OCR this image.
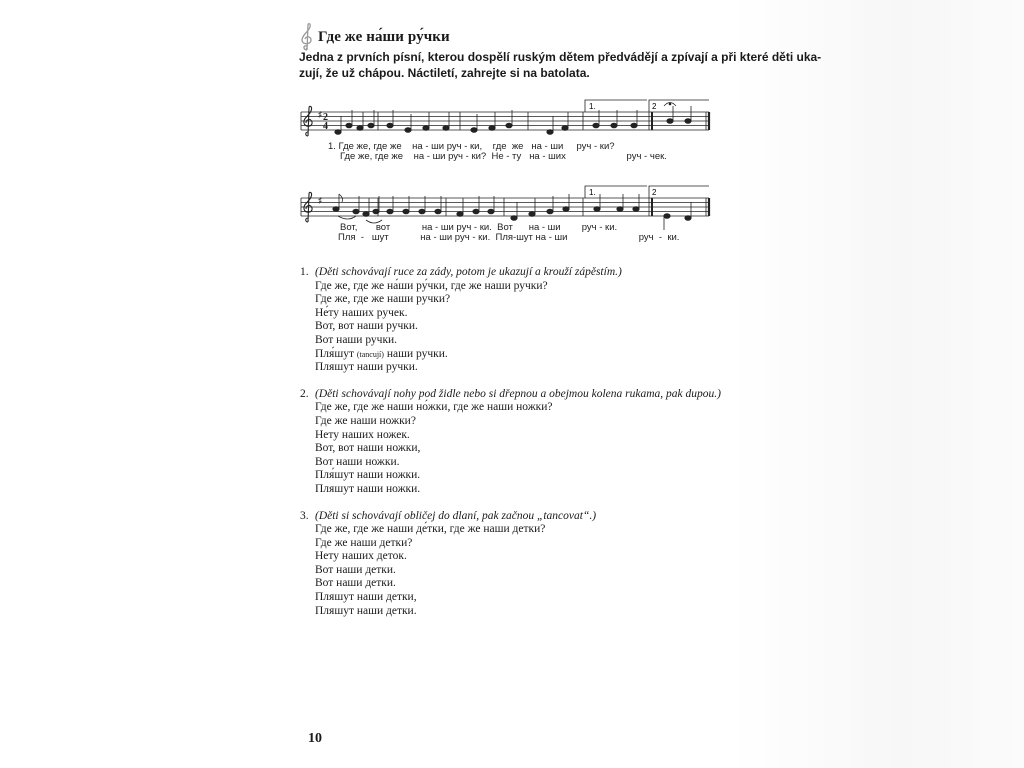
Где же на́ши ру́чки
Jedna z prvních písní, kterou dospělí ruským dětem předvádějí a zpívají a při které děti uka-
zují, že už chápou. Náctiletí, zahrejte si na batolata.
1.	2
♯ 2
4
1.	2
♯
1. Где же, где же    на - ши руч - ки,    где  же   на - ши     руч - ки?
Где же, где же    на - ши руч - ки?  Не - ту   на - ших                       руч - чек.
Вот,       вот            на - ши руч - ки.  Вот      на - ши        руч - ки.
Пля  -   шут            на - ши руч - ки.  Пля-шут на - ши                           руч  -  ки.
1. (Děti schovávají ruce za zády, potom je ukazují a krouží zápěstím.)
Где же, где же на́ши ру́чки, где же наши ручки?
Где же, где же наши ручки?
Не́ту наших ручек.
Вот, вот наши ручки.
Вот наши ручки.
Пля́шут (tancují) наши ручки.
Пляшут наши ручки.
2. (Děti schovávají nohy pod židle nebo si dřepnou a obejmou kolena rukama, pak dupou.)
Где же, где же наши но́жки, где же наши ножки?
Где же наши ножки?
Нету наших ножек.
Вот, вот наши ножки,
Вот наши ножки.
Пля́шут наши ножки.
Пляшут наши ножки.
3. (Děti si schovávají obličej do dlaní, pak začnou „tancovat“.)
Где же, где же наши де́тки, где же наши детки?
Где же наши детки?
Нету наших деток.
Вот наши детки.
Вот наши детки.
Пляшут наши детки,
Пляшут наши детки.
10
